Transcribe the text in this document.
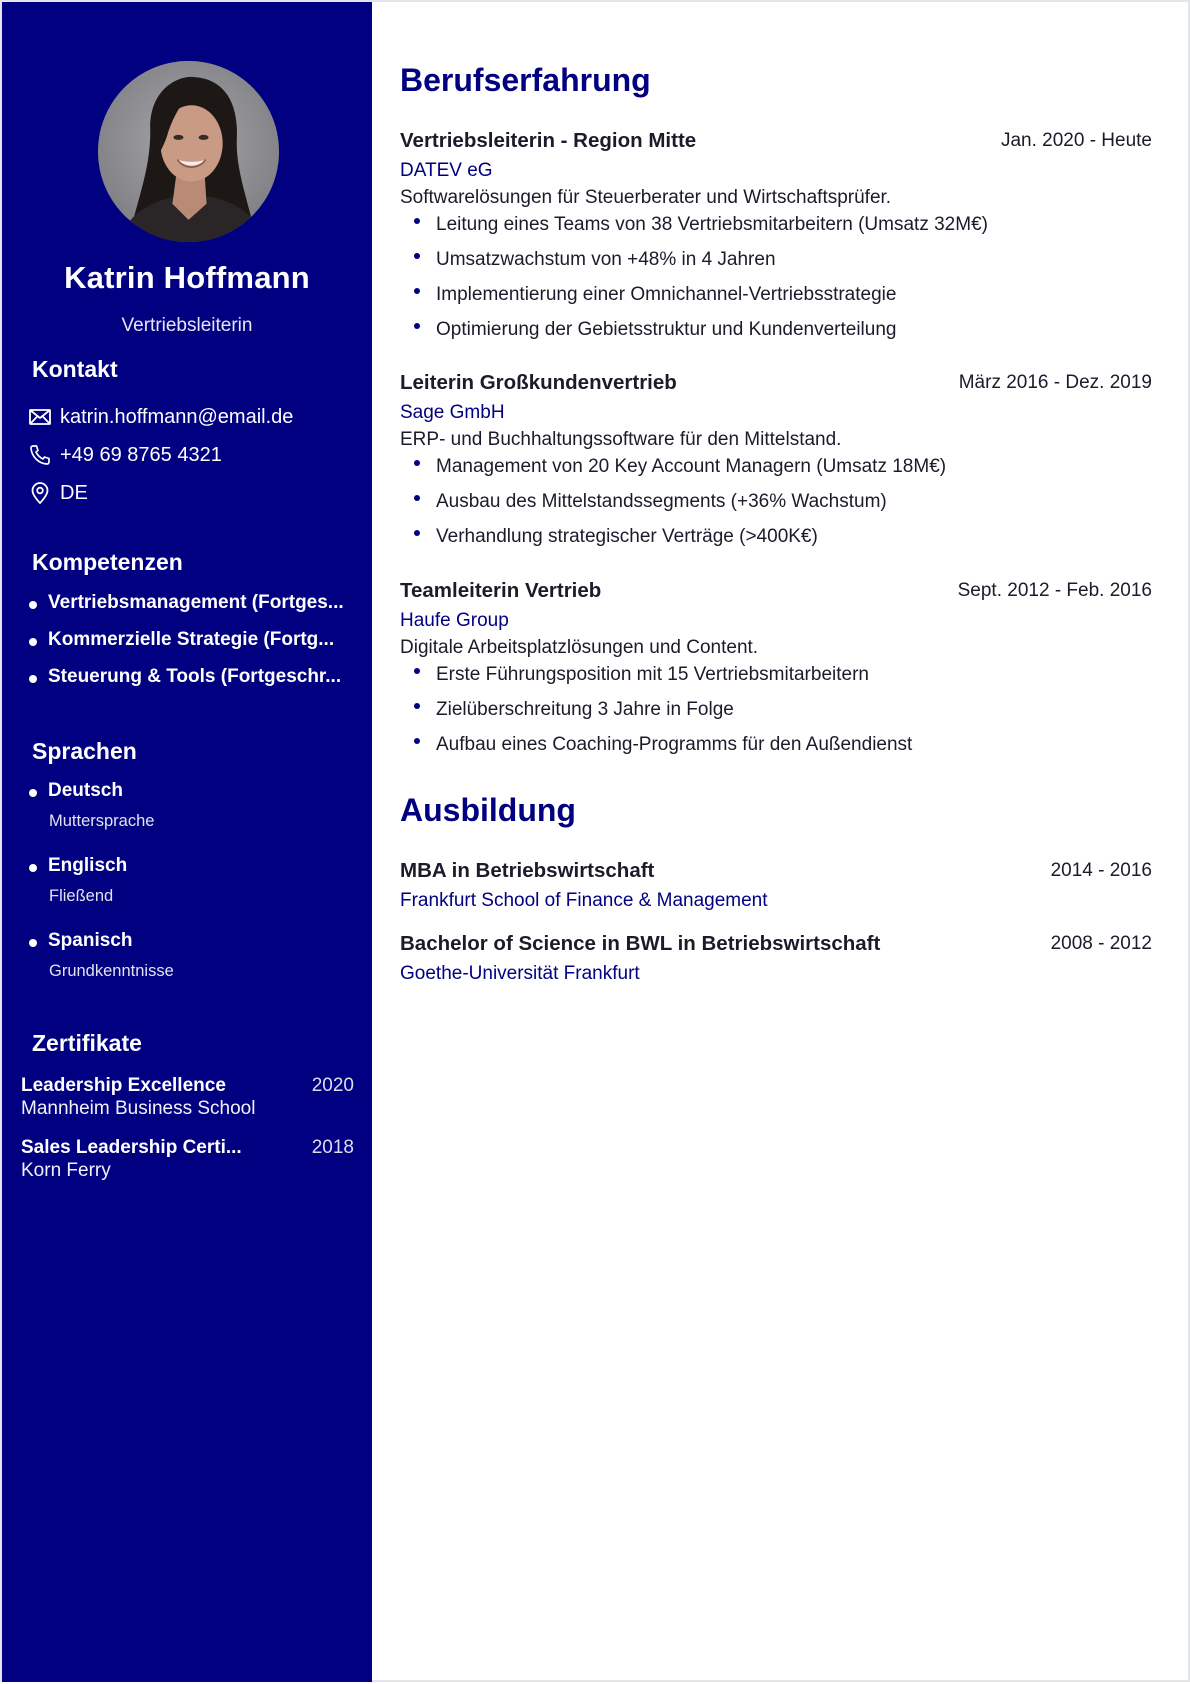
Katrin Hoffmann
Vertriebsleiterin
Kontakt
katrin.hoffmann@email.de
+49 69 8765 4321
DE
Kompetenzen
Vertriebsmanagement (Fortges...
Kommerzielle Strategie (Fortg...
Steuerung & Tools (Fortgeschr...
Sprachen
Deutsch
Muttersprache
Englisch
Fließend
Spanisch
Grundkenntnisse
Zertifikate
Leadership Excellence	2020
Mannheim Business School
Sales Leadership Certi...	2018
Korn Ferry
Berufserfahrung
Vertriebsleiterin - Region Mitte	Jan. 2020 - Heute
DATEV eG
Softwarelösungen für Steuerberater und Wirtschaftsprüfer.
Leitung eines Teams von 38 Vertriebsmitarbeitern (Umsatz 32M€)
Umsatzwachstum von +48% in 4 Jahren
Implementierung einer Omnichannel-Vertriebsstrategie
Optimierung der Gebietsstruktur und Kundenverteilung
Leiterin Großkundenvertrieb	März 2016 - Dez. 2019
Sage GmbH
ERP- und Buchhaltungssoftware für den Mittelstand.
Management von 20 Key Account Managern (Umsatz 18M€)
Ausbau des Mittelstandssegments (+36% Wachstum)
Verhandlung strategischer Verträge (>400K€)
Teamleiterin Vertrieb	Sept. 2012 - Feb. 2016
Haufe Group
Digitale Arbeitsplatzlösungen und Content.
Erste Führungsposition mit 15 Vertriebsmitarbeitern
Zielüberschreitung 3 Jahre in Folge
Aufbau eines Coaching-Programms für den Außendienst
Ausbildung
MBA in Betriebswirtschaft	2014 - 2016
Frankfurt School of Finance & Management
Bachelor of Science in BWL in Betriebswirtschaft	2008 - 2012
Goethe-Universität Frankfurt
